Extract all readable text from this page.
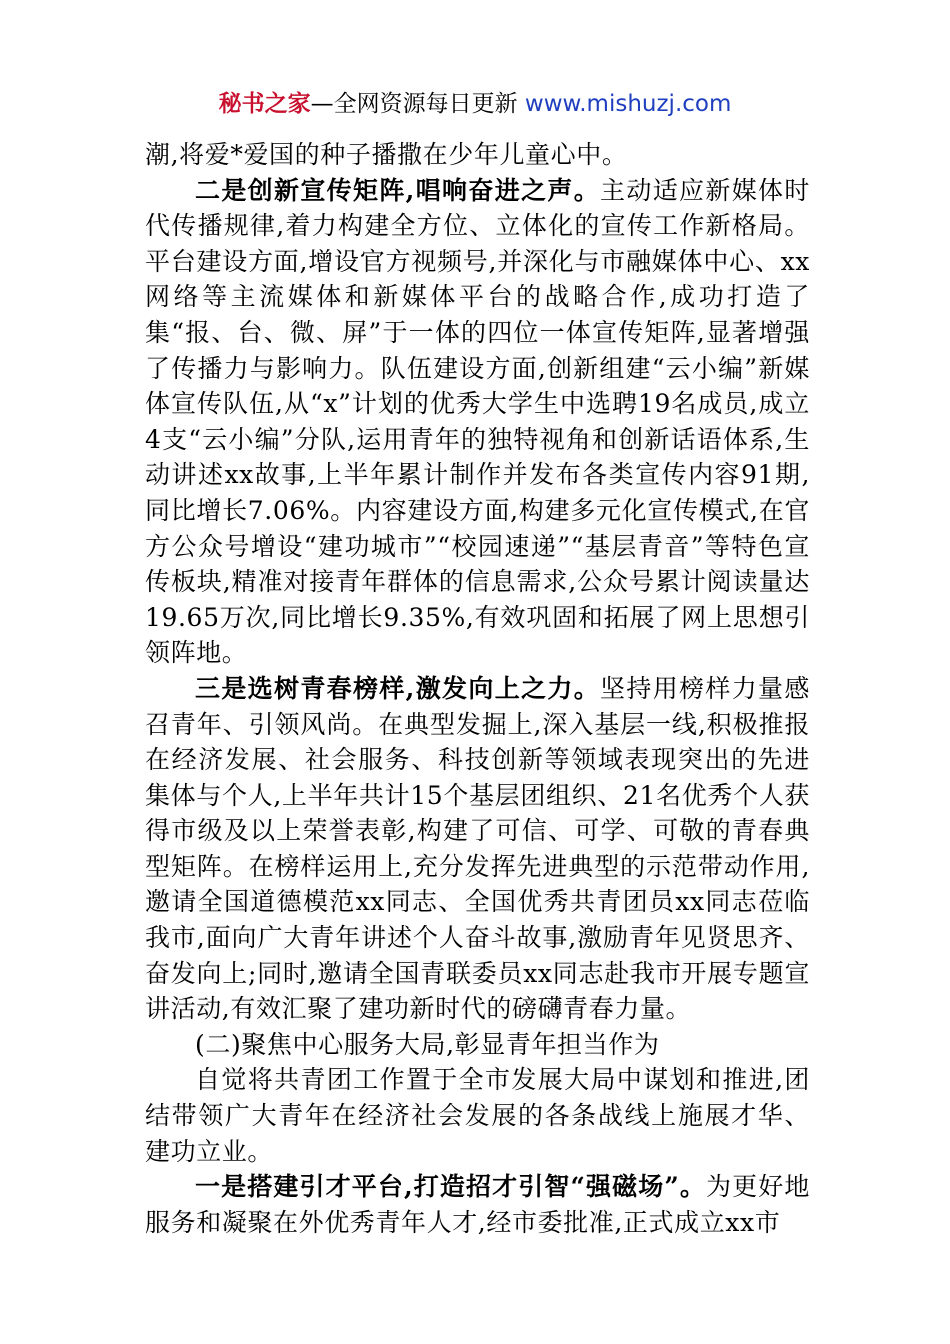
秘书之家—全网资源每日更新 www.mishuzj.com

潮,将爱*爱国的种子播撒在少年儿童心中。

二是创新宣传矩阵,唱响奋进之声。主动适应新媒体时代传播规律,着力构建全方位、立体化的宣传工作新格局。平台建设方面,增设官方视频号,并深化与市融媒体中心、xx网络等主流媒体和新媒体平台的战略合作,成功打造了集“报、台、微、屏”于一体的四位一体宣传矩阵,显著增强了传播力与影响力。队伍建设方面,创新组建“云小编”新媒体宣传队伍,从“x”计划的优秀大学生中选聘19名成员,成立4支“云小编”分队,运用青年的独特视角和创新话语体系,生动讲述xx故事,上半年累计制作并发布各类宣传内容91期,同比增长7.06%。内容建设方面,构建多元化宣传模式,在官方公众号增设“建功城市”“校园速递”“基层青音”等特色宣传板块,精准对接青年群体的信息需求,公众号累计阅读量达19.65万次,同比增长9.35%,有效巩固和拓展了网上思想引领阵地。

三是选树青春榜样,激发向上之力。坚持用榜样力量感召青年、引领风尚。在典型发掘上,深入基层一线,积极推报在经济发展、社会服务、科技创新等领域表现突出的先进集体与个人,上半年共计15个基层团组织、21名优秀个人获得市级及以上荣誉表彰,构建了可信、可学、可敬的青春典型矩阵。在榜样运用上,充分发挥先进典型的示范带动作用,邀请全国道德模范xx同志、全国优秀共青团员xx同志莅临我市,面向广大青年讲述个人奋斗故事,激励青年见贤思齐、奋发向上;同时,邀请全国青联委员xx同志赴我市开展专题宣讲活动,有效汇聚了建功新时代的磅礴青春力量。

(二)聚焦中心服务大局,彰显青年担当作为

自觉将共青团工作置于全市发展大局中谋划和推进,团结带领广大青年在经济社会发展的各条战线上施展才华、建功立业。

一是搭建引才平台,打造招才引智“强磁场”。为更好地服务和凝聚在外优秀青年人才,经市委批准,正式成立xx市
